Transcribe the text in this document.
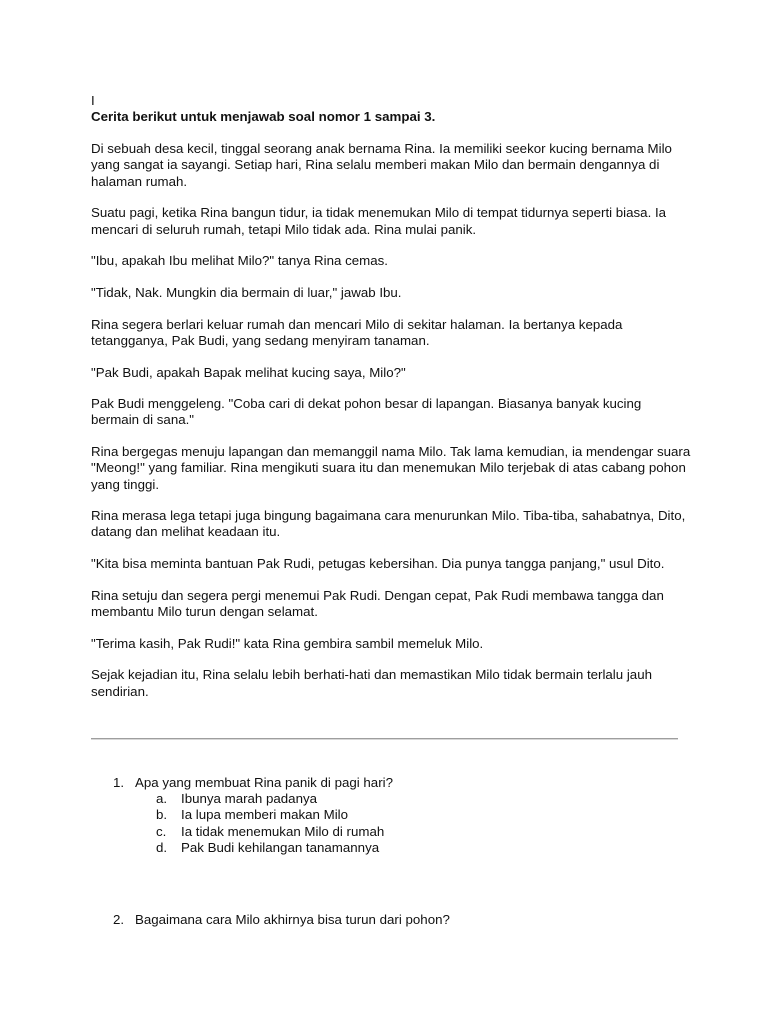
I

Cerita berikut untuk menjawab soal nomor 1 sampai 3.

Di sebuah desa kecil, tinggal seorang anak bernama Rina. Ia memiliki seekor kucing bernama Milo yang sangat ia sayangi. Setiap hari, Rina selalu memberi makan Milo dan bermain dengannya di halaman rumah.

Suatu pagi, ketika Rina bangun tidur, ia tidak menemukan Milo di tempat tidurnya seperti biasa. Ia mencari di seluruh rumah, tetapi Milo tidak ada. Rina mulai panik.

"Ibu, apakah Ibu melihat Milo?" tanya Rina cemas.

"Tidak, Nak. Mungkin dia bermain di luar," jawab Ibu.

Rina segera berlari keluar rumah dan mencari Milo di sekitar halaman. Ia bertanya kepada tetangganya, Pak Budi, yang sedang menyiram tanaman.

"Pak Budi, apakah Bapak melihat kucing saya, Milo?"

Pak Budi menggeleng. "Coba cari di dekat pohon besar di lapangan. Biasanya banyak kucing bermain di sana."

Rina bergegas menuju lapangan dan memanggil nama Milo. Tak lama kemudian, ia mendengar suara "Meong!" yang familiar. Rina mengikuti suara itu dan menemukan Milo terjebak di atas cabang pohon yang tinggi.

Rina merasa lega tetapi juga bingung bagaimana cara menurunkan Milo. Tiba-tiba, sahabatnya, Dito, datang dan melihat keadaan itu.

"Kita bisa meminta bantuan Pak Rudi, petugas kebersihan. Dia punya tangga panjang," usul Dito.

Rina setuju dan segera pergi menemui Pak Rudi. Dengan cepat, Pak Rudi membawa tangga dan membantu Milo turun dengan selamat.

"Terima kasih, Pak Rudi!" kata Rina gembira sambil memeluk Milo.

Sejak kejadian itu, Rina selalu lebih berhati-hati dan memastikan Milo tidak bermain terlalu jauh sendirian.

1. Apa yang membuat Rina panik di pagi hari?
a. Ibunya marah padanya
b. Ia lupa memberi makan Milo
c. Ia tidak menemukan Milo di rumah
d. Pak Budi kehilangan tanamannya
2. Bagaimana cara Milo akhirnya bisa turun dari pohon?
